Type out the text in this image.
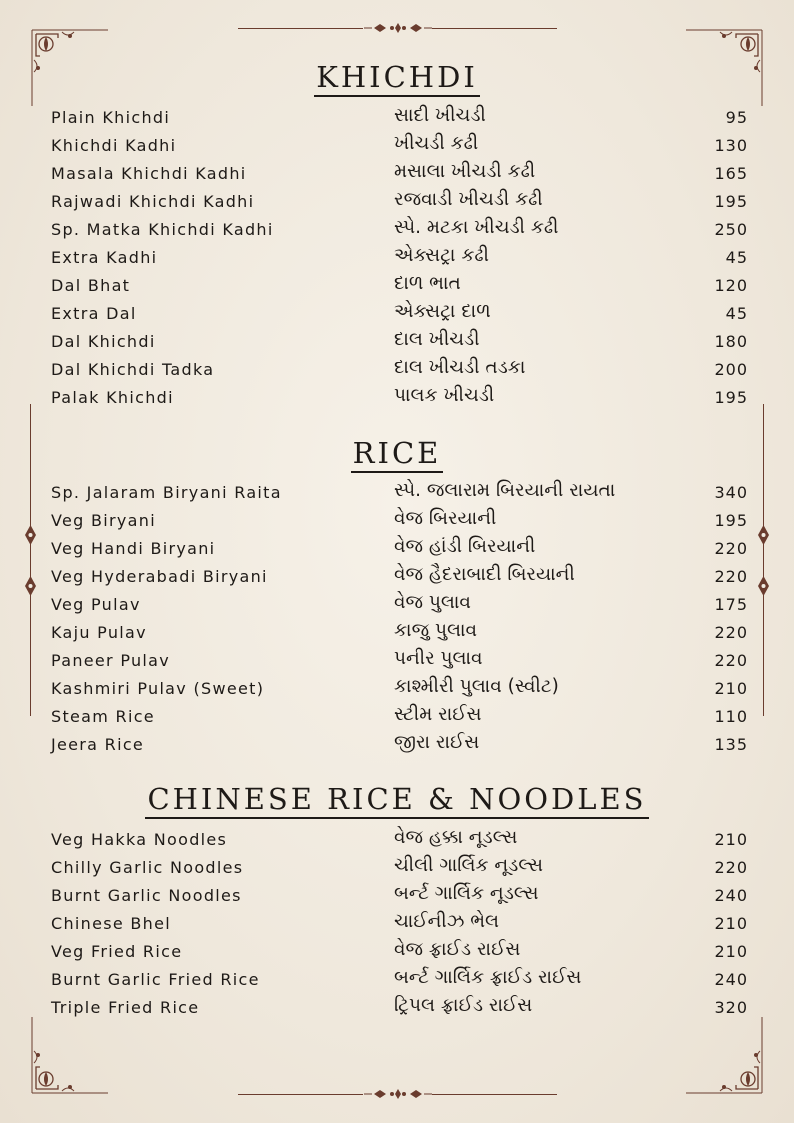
KHICHDI
Plain Khichdi	સાદી ખીચડી	95
Khichdi Kadhi	ખીચડી કઢી	130
Masala Khichdi Kadhi	મસાલા ખીચડી કઢી	165
Rajwadi Khichdi Kadhi	રજવાડી ખીચડી કઢી	195
Sp. Matka Khichdi Kadhi	સ્પે. મટકા ખીચડી કઢી	250
Extra Kadhi	એક્સટ્રા કઢી	45
Dal Bhat	દાળ ભાત	120
Extra Dal	એક્સટ્રા દાળ	45
Dal Khichdi	દાલ ખીચડી	180
Dal Khichdi Tadka	દાલ ખીચડી તડકા	200
Palak Khichdi	પાલક ખીચડી	195
RICE
Sp. Jalaram Biryani Raita	સ્પે. જલારામ બિરયાની રાયતા	340
Veg Biryani	વેજ બિરયાની	195
Veg Handi Biryani	વેજ હાંડી બિરયાની	220
Veg Hyderabadi Biryani	વેજ હૈદરાબાદી બિરયાની	220
Veg Pulav	વેજ પુલાવ	175
Kaju Pulav	કાજુ પુલાવ	220
Paneer Pulav	પનીર પુલાવ	220
Kashmiri Pulav (Sweet)	કાશ્મીરી પુલાવ (સ્વીટ)	210
Steam Rice	સ્ટીમ રાઈસ	110
Jeera Rice	જીરા રાઈસ	135
CHINESE RICE & NOODLES
Veg Hakka Noodles	વેજ હક્કા નૂડલ્સ	210
Chilly Garlic Noodles	ચીલી ગાર્લિક નૂડલ્સ	220
Burnt Garlic Noodles	બર્ન્ટ ગાર્લિક નૂડલ્સ	240
Chinese Bhel	ચાઈનીઝ ભેલ	210
Veg Fried Rice	વેજ ફ્રાઈડ રાઈસ	210
Burnt Garlic Fried Rice	બર્ન્ટ ગાર્લિક ફ્રાઈડ રાઈસ	240
Triple Fried Rice	ટ્રિપલ ફ્રાઈડ રાઈસ	320
